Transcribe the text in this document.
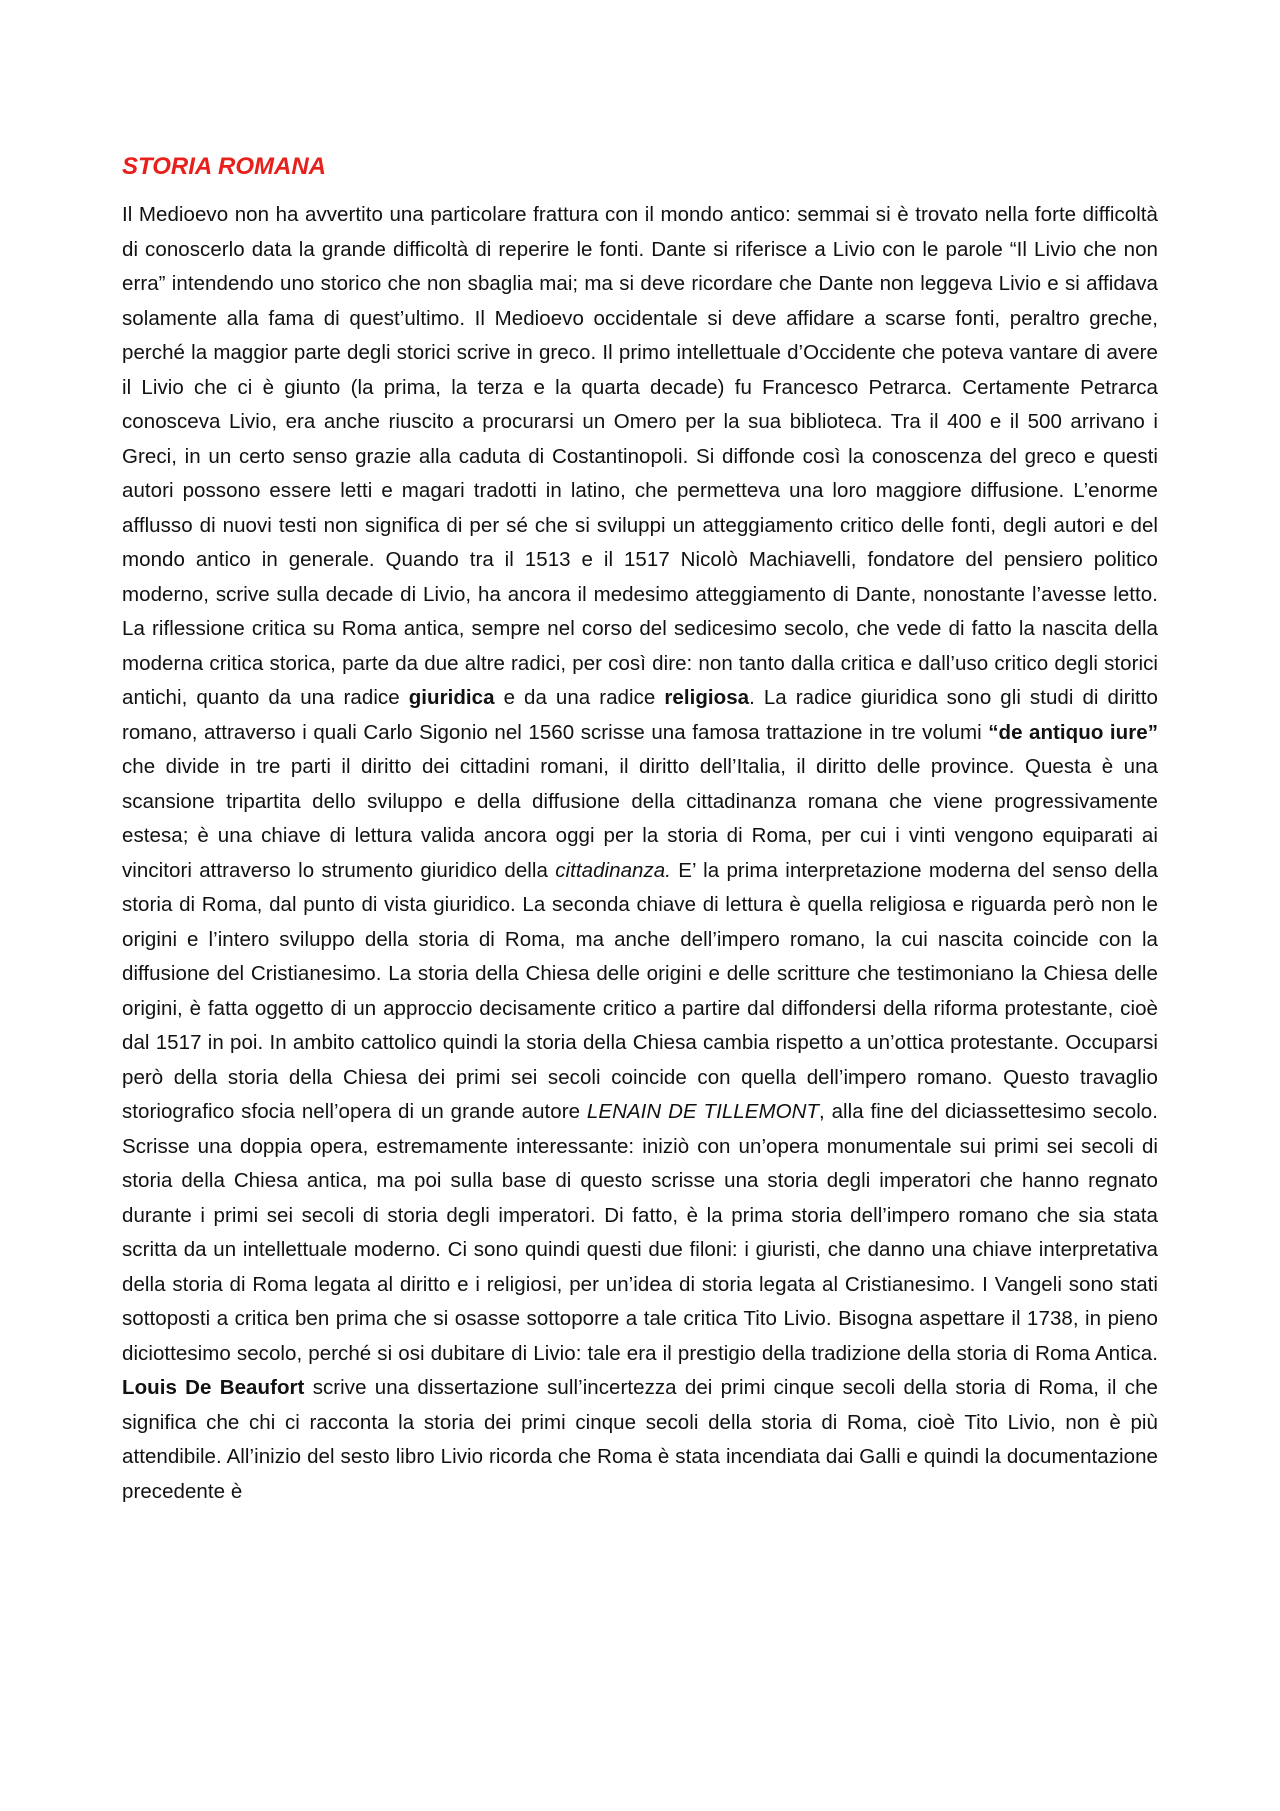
STORIA ROMANA

Il Medioevo non ha avvertito una particolare frattura con il mondo antico: semmai si è trovato nella forte difficoltà di conoscerlo data la grande difficoltà di reperire le fonti. Dante si riferisce a Livio con le parole “Il Livio che non erra” intendendo uno storico che non sbaglia mai; ma si deve ricordare che Dante non leggeva Livio e si affidava solamente alla fama di quest’ultimo. Il Medioevo occidentale si deve affidare a scarse fonti, peraltro greche, perché la maggior parte degli storici scrive in greco. Il primo intellettuale d’Occidente che poteva vantare di avere il Livio che ci è giunto (la prima, la terza e la quarta decade) fu Francesco Petrarca. Certamente Petrarca conosceva Livio, era anche riuscito a procurarsi un Omero per la sua biblioteca. Tra il 400 e il 500 arrivano i Greci, in un certo senso grazie alla caduta di Costantinopoli. Si diffonde così la conoscenza del greco e questi autori possono essere letti e magari tradotti in latino, che permetteva una loro maggiore diffusione. L’enorme afflusso di nuovi testi non significa di per sé che si sviluppi un atteggiamento critico delle fonti, degli autori e del mondo antico in generale. Quando tra il 1513 e il 1517 Nicolò Machiavelli, fondatore del pensiero politico moderno, scrive sulla decade di Livio, ha ancora il medesimo atteggiamento di Dante, nonostante l’avesse letto. La riflessione critica su Roma antica, sempre nel corso del sedicesimo secolo, che vede di fatto la nascita della moderna critica storica, parte da due altre radici, per così dire: non tanto dalla critica e dall’uso critico degli storici antichi, quanto da una radice giuridica e da una radice religiosa. La radice giuridica sono gli studi di diritto romano, attraverso i quali Carlo Sigonio nel 1560 scrisse una famosa trattazione in tre volumi “de antiquo iure” che divide in tre parti il diritto dei cittadini romani, il diritto dell’Italia, il diritto delle province. Questa è una scansione tripartita dello sviluppo e della diffusione della cittadinanza romana che viene progressivamente estesa; è una chiave di lettura valida ancora oggi per la storia di Roma, per cui i vinti vengono equiparati ai vincitori attraverso lo strumento giuridico della cittadinanza. E’ la prima interpretazione moderna del senso della storia di Roma, dal punto di vista giuridico. La seconda chiave di lettura è quella religiosa e riguarda però non le origini e l’intero sviluppo della storia di Roma, ma anche dell’impero romano, la cui nascita coincide con la diffusione del Cristianesimo. La storia della Chiesa delle origini e delle scritture che testimoniano la Chiesa delle origini, è fatta oggetto di un approccio decisamente critico a partire dal diffondersi della riforma protestante, cioè dal 1517 in poi. In ambito cattolico quindi la storia della Chiesa cambia rispetto a un’ottica protestante. Occuparsi però della storia della Chiesa dei primi sei secoli coincide con quella dell’impero romano. Questo travaglio storiografico sfocia nell’opera di un grande autore LENAIN DE TILLEMONT, alla fine del diciassettesimo secolo. Scrisse una doppia opera, estremamente interessante: iniziò con un’opera monumentale sui primi sei secoli di storia della Chiesa antica, ma poi sulla base di questo scrisse una storia degli imperatori che hanno regnato durante i primi sei secoli di storia degli imperatori. Di fatto, è la prima storia dell’impero romano che sia stata scritta da un intellettuale moderno. Ci sono quindi questi due filoni: i giuristi, che danno una chiave interpretativa della storia di Roma legata al diritto e i religiosi, per un’idea di storia legata al Cristianesimo. I Vangeli sono stati sottoposti a critica ben prima che si osasse sottoporre a tale critica Tito Livio. Bisogna aspettare il 1738, in pieno diciottesimo secolo, perché si osi dubitare di Livio: tale era il prestigio della tradizione della storia di Roma Antica. Louis De Beaufort scrive una dissertazione sull’incertezza dei primi cinque secoli della storia di Roma, il che significa che chi ci racconta la storia dei primi cinque secoli della storia di Roma, cioè Tito Livio, non è più attendibile. All’inizio del sesto libro Livio ricorda che Roma è stata incendiata dai Galli e quindi la documentazione precedente è
